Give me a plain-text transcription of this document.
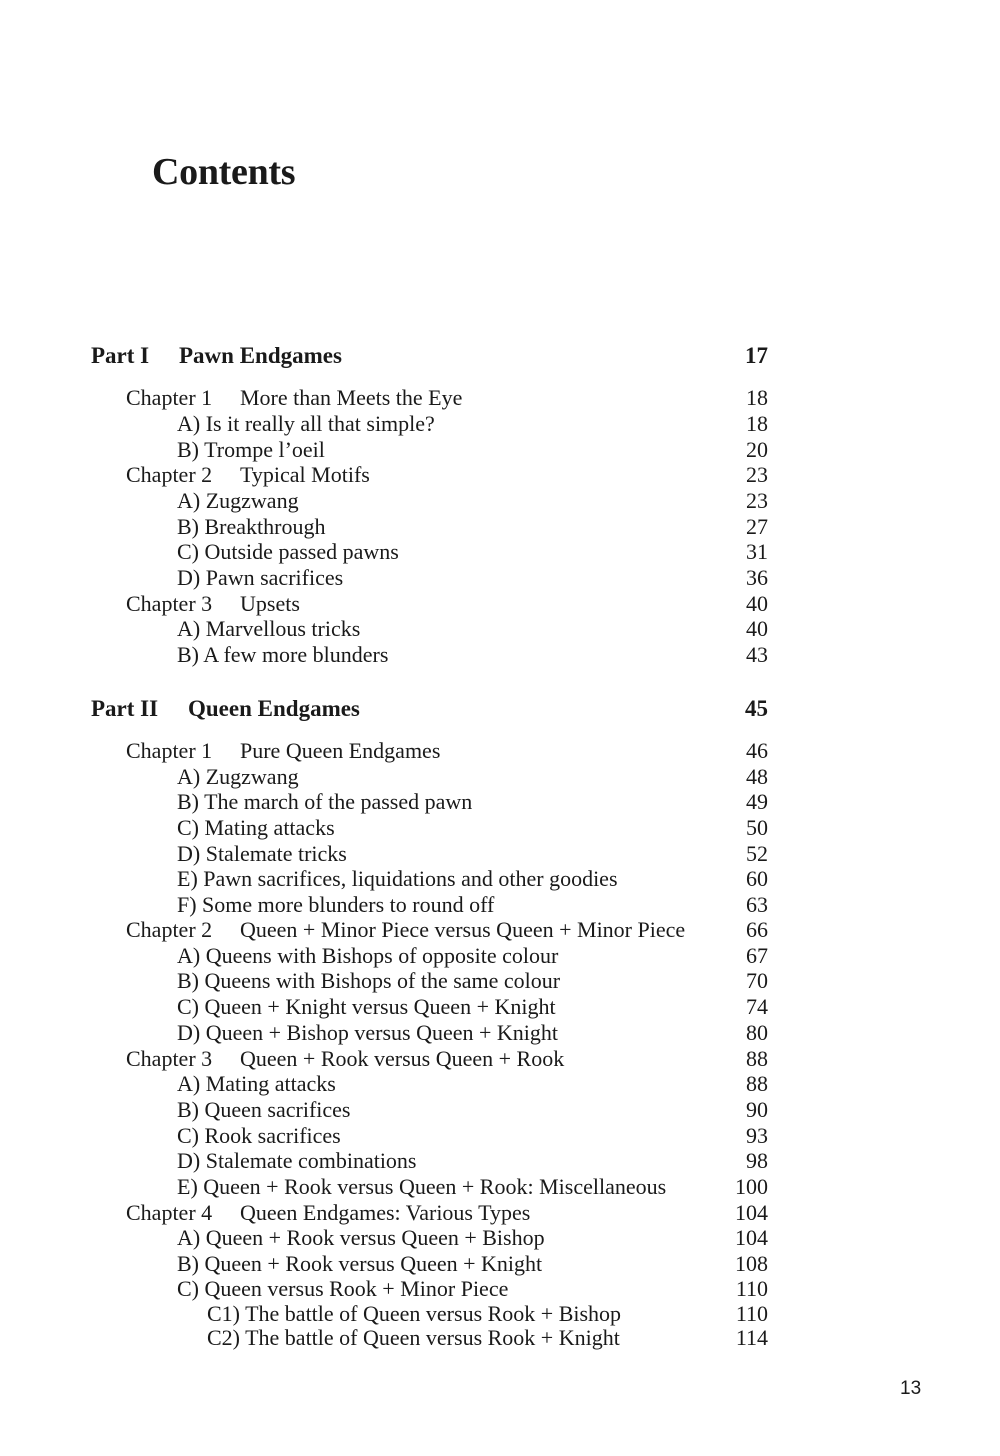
Contents
Part I	Pawn Endgames	17
Chapter 1	More than Meets the Eye	18
A) Is it really all that simple?	18
B) Trompe l’oeil	20
Chapter 2	Typical Motifs	23
A) Zugzwang	23
B) Breakthrough	27
C) Outside passed pawns	31
D) Pawn sacrifices	36
Chapter 3	Upsets	40
A) Marvellous tricks	40
B) A few more blunders	43
Part II	Queen Endgames	45
Chapter 1	Pure Queen Endgames	46
A) Zugzwang	48
B) The march of the passed pawn	49
C) Mating attacks	50
D) Stalemate tricks	52
E) Pawn sacrifices, liquidations and other goodies	60
F) Some more blunders to round off	63
Chapter 2	Queen + Minor Piece versus Queen + Minor Piece	66
A) Queens with Bishops of opposite colour	67
B) Queens with Bishops of the same colour	70
C) Queen + Knight versus Queen + Knight	74
D) Queen + Bishop versus Queen + Knight	80
Chapter 3	Queen + Rook versus Queen + Rook	88
A) Mating attacks	88
B) Queen sacrifices	90
C) Rook sacrifices	93
D) Stalemate combinations	98
E) Queen + Rook versus Queen + Rook: Miscellaneous	100
Chapter 4	Queen Endgames: Various Types	104
A) Queen + Rook versus Queen + Bishop	104
B) Queen + Rook versus Queen + Knight	108
C) Queen versus Rook + Minor Piece	110
C1) The battle of Queen versus Rook + Bishop	110
C2) The battle of Queen versus Rook + Knight	114
13
